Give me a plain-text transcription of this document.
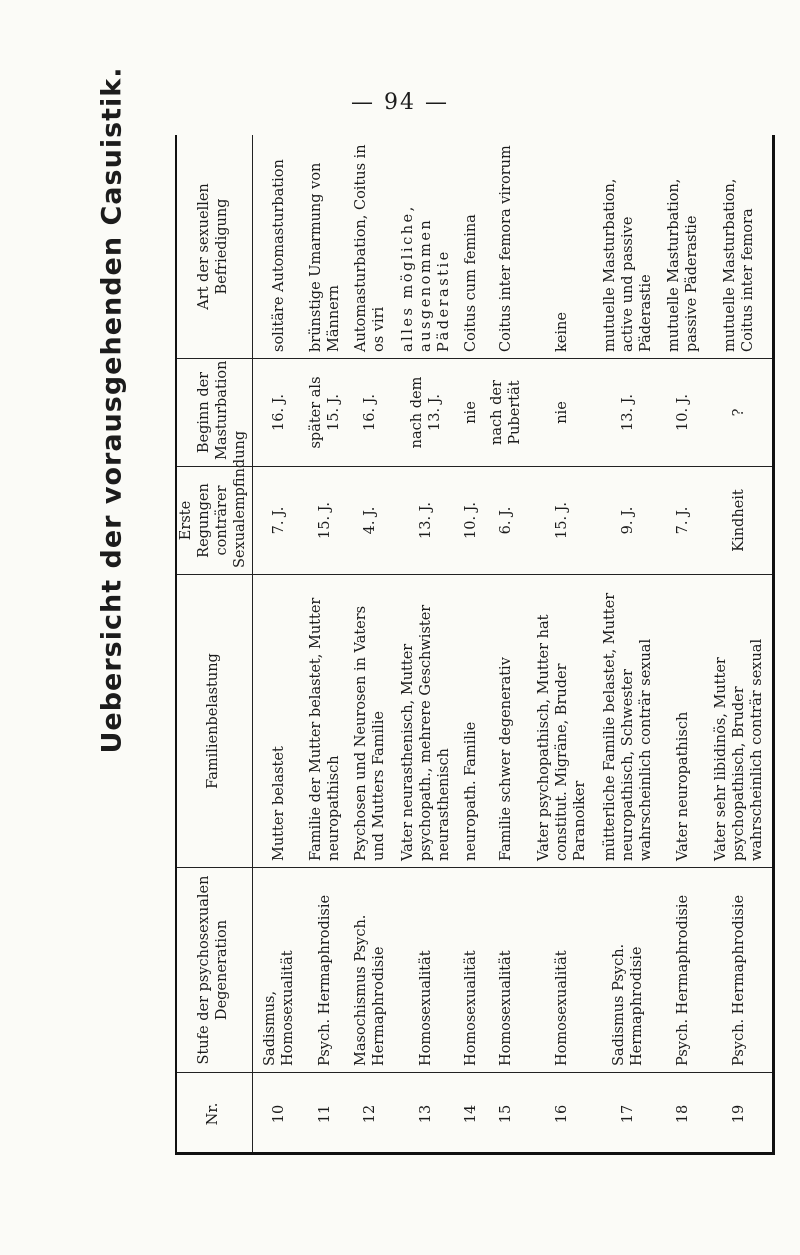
— 94 —
Uebersicht der vorausgehenden Casuistik.
Nr.	Stufe der psychosexualen Degeneration	Familienbelastung	Erste Regungen conträrer Sexualempfindung	Beginn der Masturbation	Art der sexuellen Befriedigung
10	Sadismus, Homosexualität	Mutter belastet	7. J.	16. J.	solitäre Automasturbation
11	Psych. Hermaphrodisie	Familie der Mutter belastet, Mutter neuropathisch	15. J.	später als 15. J.	brünstige Umarmung von Männern
12	Masochismus Psych. Hermaphrodisie	Psychosen und Neurosen in Vaters und Mutters Familie	4. J.	16. J.	Automasturbation, Coitus in os viri
13	Homosexualität	Vater neurasthenisch, Mutter psychopath., mehrere Geschwister neurasthenisch	13. J.	nach dem 13. J.	alles mögliche, ausgenommen Päderastie
14	Homosexualität	neuropath. Familie	10. J.	nie	Coitus cum femina
15	Homosexualität	Familie schwer degenerativ	6. J.	nach der Pubertät	Coitus inter femora virorum
16	Homosexualität	Vater psychopathisch, Mutter hat constitut. Migräne, Bruder Paranoiker	15. J.	nie	keine
17	Sadismus Psych. Hermaphrodisie	mütterliche Familie belastet, Mutter neuropathisch, Schwester wahrscheinlich conträr sexual	9. J.	13. J.	mutuelle Masturbation, active und passive Päderastie
18	Psych. Hermaphrodisie	Vater neuropathisch	7. J.	10. J.	mutuelle Masturbation, passive Päderastie
19	Psych. Hermaphrodisie	Vater sehr libidinös, Mutter psychopathisch, Bruder wahrscheinlich conträr sexual	Kindheit	?	mutuelle Masturbation, Coitus inter femora
